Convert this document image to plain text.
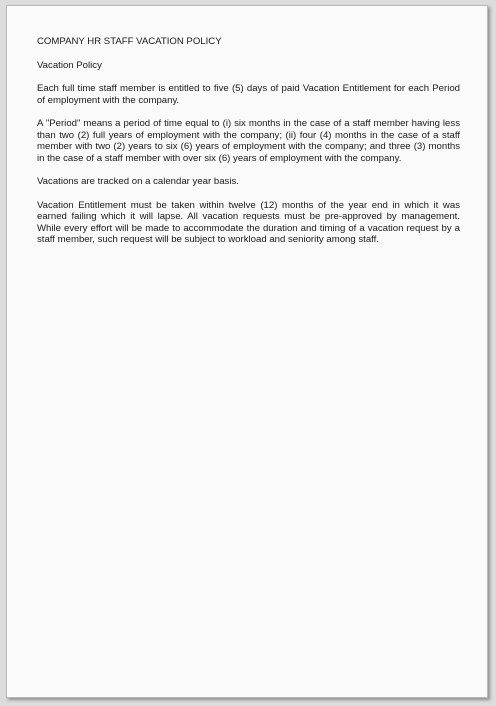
COMPANY HR STAFF VACATION POLICY

Vacation Policy

Each full time staff member is entitled to five (5) days of paid Vacation Entitlement for each Period of employment with the company.

A "Period" means a period of time equal to (i) six months in the case of a staff member having less than two (2) full years of employment with the company; (ii) four (4) months in the case of a staff member with two (2) years to six (6) years of employment with the company; and three (3) months in the case of a staff member with over six (6) years of employment with the company.

Vacations are tracked on a calendar year basis.

Vacation Entitlement must be taken within twelve (12) months of the year end in which it was earned failing which it will lapse. All vacation requests must be pre-approved by management. While every effort will be made to accommodate the duration and timing of a vacation request by a staff member, such request will be subject to workload and seniority among staff.
